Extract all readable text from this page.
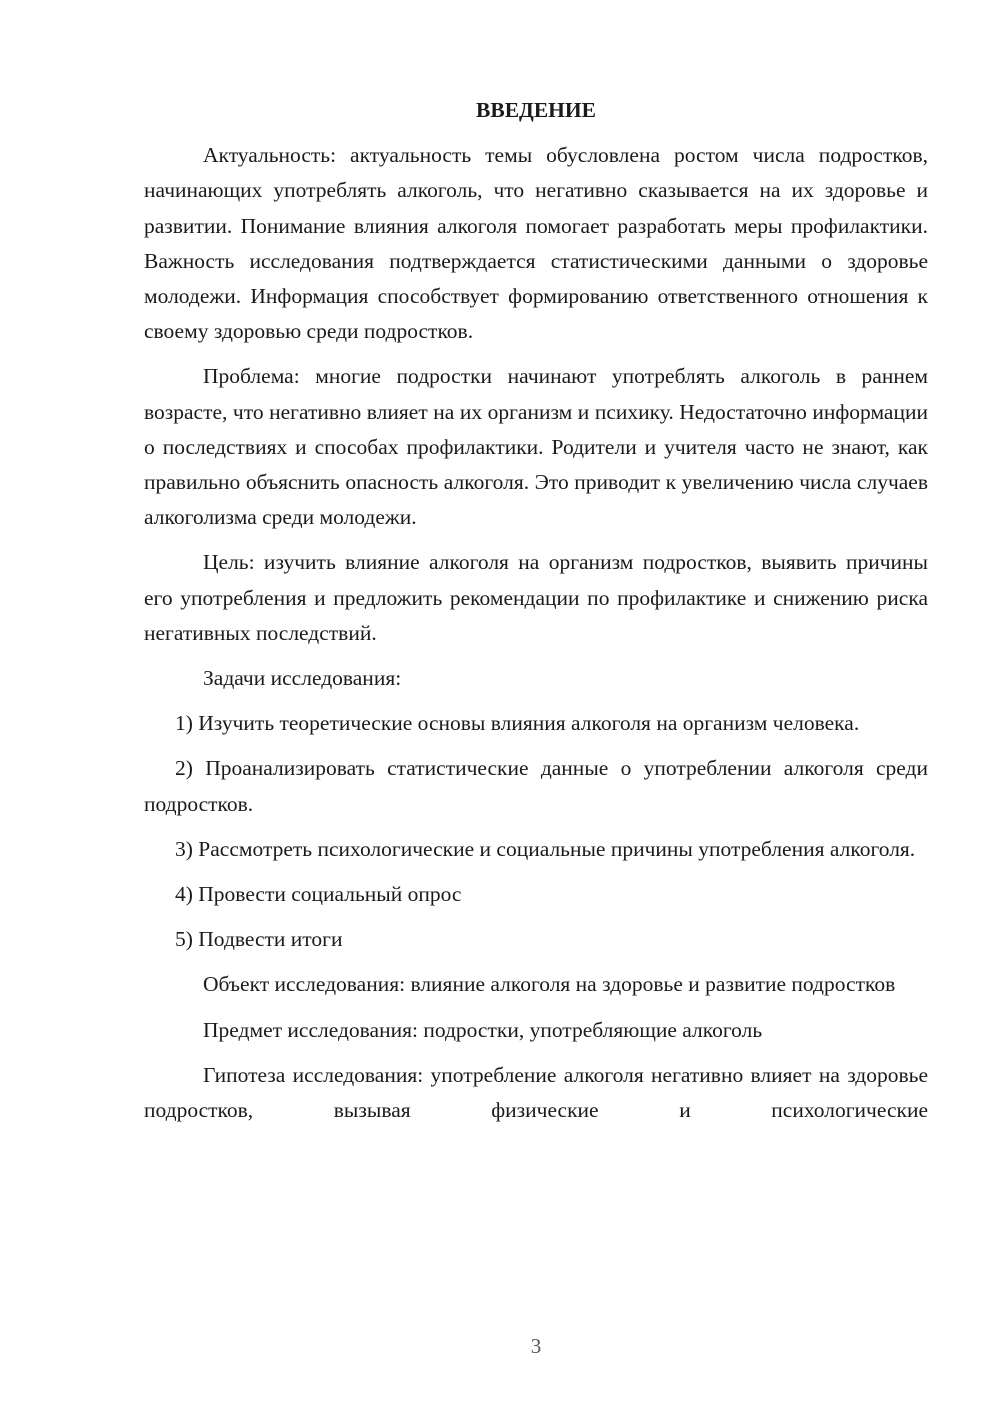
ВВЕДЕНИЕ

Актуальность: актуальность темы обусловлена ростом числа подростков, начинающих употреблять алкоголь, что негативно сказывается на их здоровье и развитии. Понимание влияния алкоголя помогает разработать меры профилактики. Важность исследования подтверждается статистическими данными о здоровье молодежи. Информация способствует формированию ответственного отношения к своему здоровью среди подростков.

Проблема: многие подростки начинают употреблять алкоголь в раннем возрасте, что негативно влияет на их организм и психику. Недостаточно информации о последствиях и способах профилактики. Родители и учителя часто не знают, как правильно объяснить опасность алкоголя. Это приводит к увеличению числа случаев алкоголизма среди молодежи.

Цель: изучить влияние алкоголя на организм подростков, выявить причины его употребления и предложить рекомендации по профилактике и снижению риска негативных последствий.

Задачи исследования:

1) Изучить теоретические основы влияния алкоголя на организм человека.

2) Проанализировать статистические данные о употреблении алкоголя среди подростков.

3) Рассмотреть психологические и социальные причины употребления алкоголя.

4) Провести социальный опрос

5) Подвести итоги

Объект исследования: влияние алкоголя на здоровье и развитие подростков

Предмет исследования: подростки, употребляющие алкоголь

Гипотеза исследования: употребление алкоголя негативно влияет на здоровье подростков, вызывая физические и психологические

3
